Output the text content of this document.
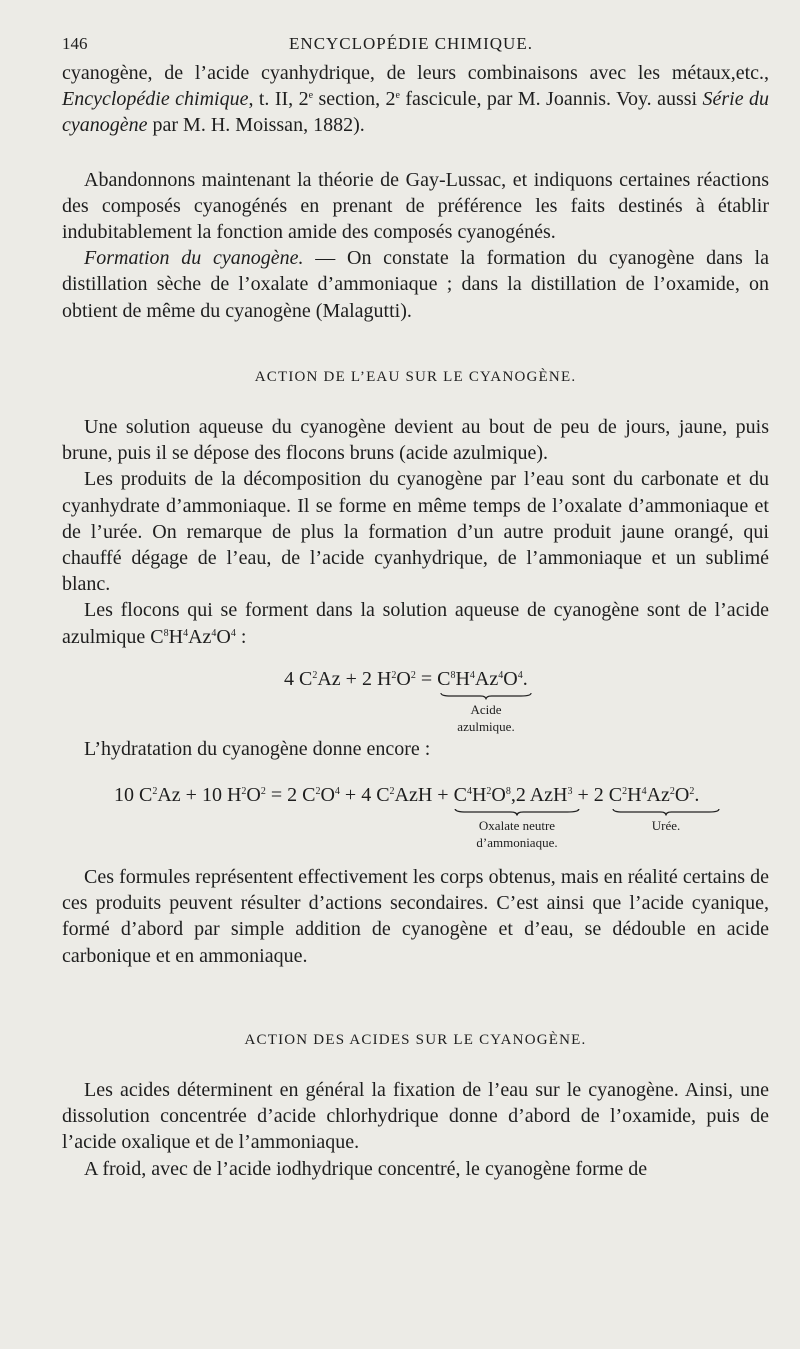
146	ENCYCLOPÉDIE CHIMIQUE.

cyanogène, de l’acide cyanhydrique, de leurs combinaisons avec les métaux,etc., Encyclopédie chimique, t. II, 2e section, 2e fascicule, par M. Joannis. Voy. aussi Série du cyanogène par M. H. Moissan, 1882).

Abandonnons maintenant la théorie de Gay-Lussac, et indiquons certaines réactions des composés cyanogénés en prenant de préférence les faits destinés à établir indubitablement la fonction amide des composés cyanogénés.

Formation du cyanogène. — On constate la formation du cyanogène dans la distillation sèche de l’oxalate d’ammoniaque ; dans la distillation de l’oxamide, on obtient de même du cyanogène (Malagutti).

ACTION DE L’EAU SUR LE CYANOGÈNE.

Une solution aqueuse du cyanogène devient au bout de peu de jours, jaune, puis brune, puis il se dépose des flocons bruns (acide azulmique).

Les produits de la décomposition du cyanogène par l’eau sont du carbonate et du cyanhydrate d’ammoniaque. Il se forme en même temps de l’oxalate d’ammoniaque et de l’urée. On remarque de plus la formation d’un autre produit jaune orangé, qui chauffé dégage de l’eau, de l’acide cyanhydrique, de l’ammoniaque et un sublimé blanc.

Les flocons qui se forment dans la solution aqueuse de cyanogène sont de l’acide azulmique $C^8H^4Az^4O^4$ :

4 $C^2Az + 2$ $H^2O^2 = C^8H^4Az^4O^4$.
Acide
azulmique.

L’hydratation du cyanogène donne encore :

10 $C^2Az + 10$ $H^2O^2 = 2$ $C^2O^4 + 4$ $C^2AzH + C^4H^2O^8,2$ AzH$^3$ + 2 $C^2H^4Az^2O^2$.
Oxalate neutre
d’ammoniaque.
Urée.

Ces formules représentent effectivement les corps obtenus, mais en réalité certains de ces produits peuvent résulter d’actions secondaires. C’est ainsi que l’acide cyanique, formé d’abord par simple addition de cyanogène et d’eau, se dédouble en acide carbonique et en ammoniaque.

ACTION DES ACIDES SUR LE CYANOGÈNE.

Les acides déterminent en général la fixation de l’eau sur le cyanogène. Ainsi, une dissolution concentrée d’acide chlorhydrique donne d’abord de l’oxamide, puis de l’acide oxalique et de l’ammoniaque.

A froid, avec de l’acide iodhydrique concentré, le cyanogène forme de
